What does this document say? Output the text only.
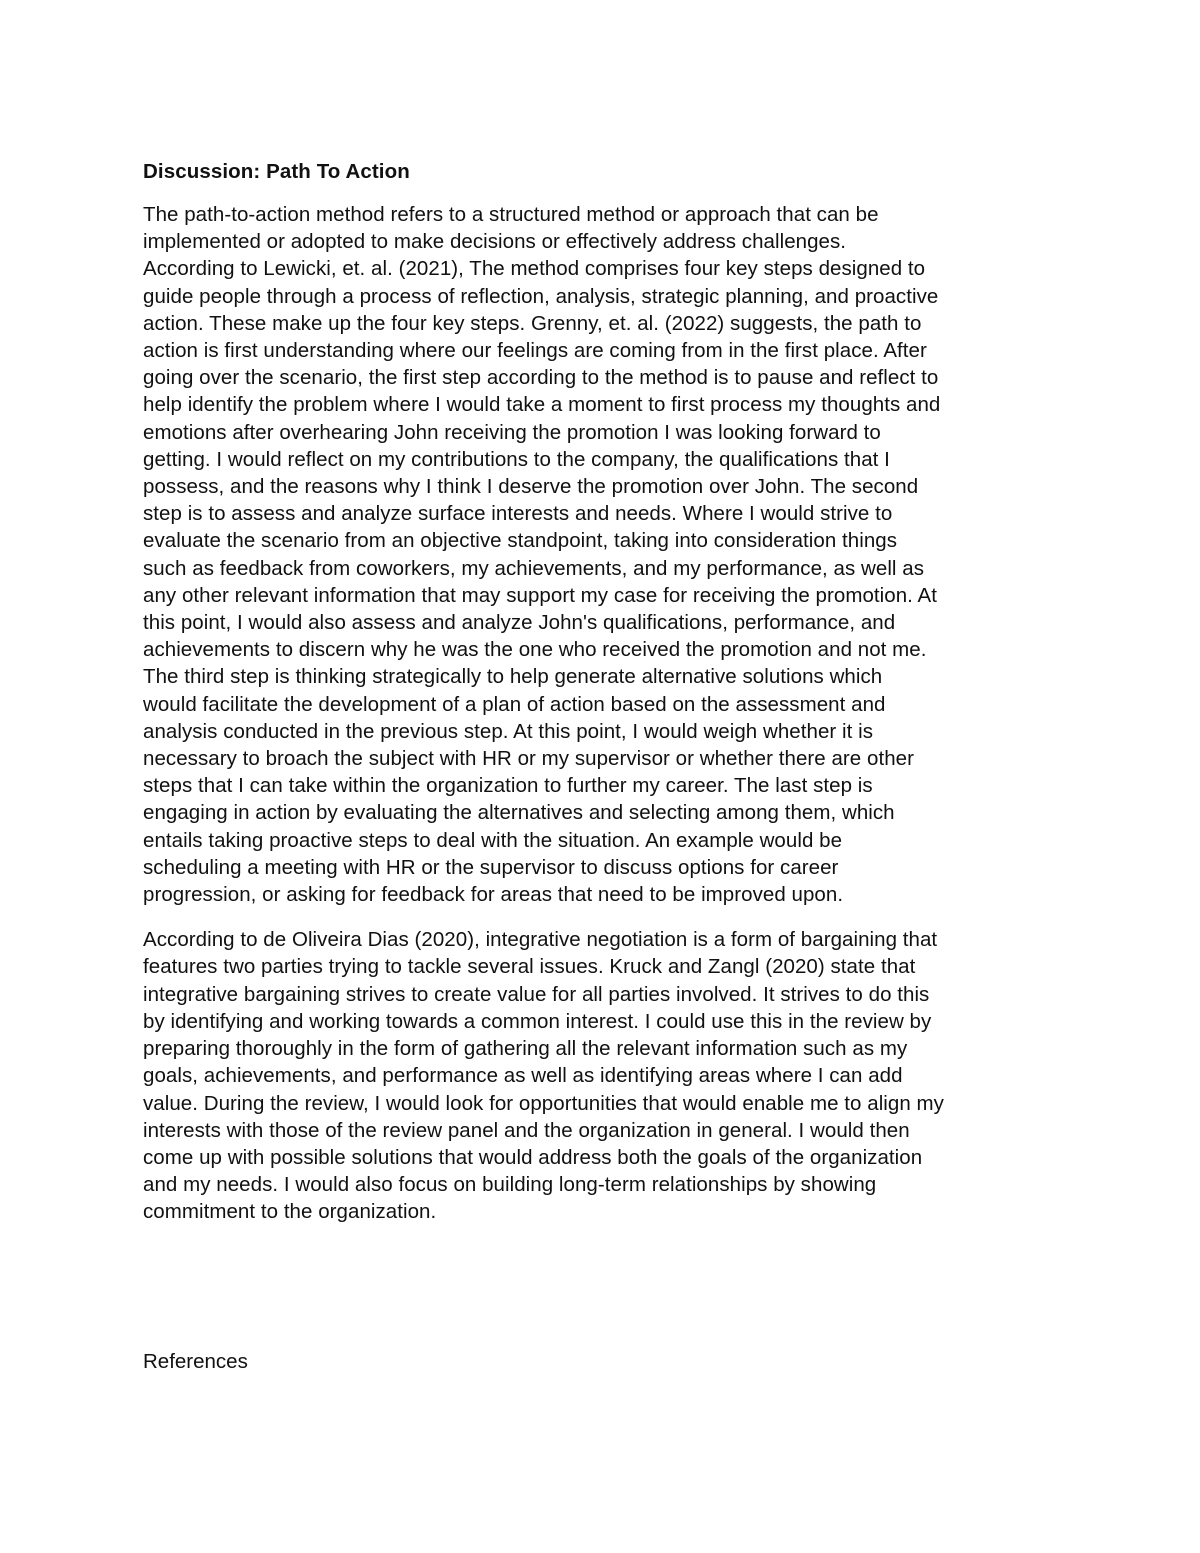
Discussion: Path To Action
The path-to-action method refers to a structured method or approach that can be
implemented or adopted to make decisions or effectively address challenges.
According to Lewicki, et. al. (2021), The method comprises four key steps designed to
guide people through a process of reflection, analysis, strategic planning, and proactive
action. These make up the four key steps. Grenny, et. al. (2022) suggests, the path to
action is first understanding where our feelings are coming from in the first place. After
going over the scenario, the first step according to the method is to pause and reflect to
help identify the problem where I would take a moment to first process my thoughts and
emotions after overhearing John receiving the promotion I was looking forward to
getting. I would reflect on my contributions to the company, the qualifications that I
possess, and the reasons why I think I deserve the promotion over John. The second
step is to assess and analyze surface interests and needs. Where I would strive to
evaluate the scenario from an objective standpoint, taking into consideration things
such as feedback from coworkers, my achievements, and my performance, as well as
any other relevant information that may support my case for receiving the promotion. At
this point, I would also assess and analyze John's qualifications, performance, and
achievements to discern why he was the one who received the promotion and not me.
The third step is thinking strategically to help generate alternative solutions which
would facilitate the development of a plan of action based on the assessment and
analysis conducted in the previous step. At this point, I would weigh whether it is
necessary to broach the subject with HR or my supervisor or whether there are other
steps that I can take within the organization to further my career. The last step is
engaging in action by evaluating the alternatives and selecting among them, which
entails taking proactive steps to deal with the situation. An example would be
scheduling a meeting with HR or the supervisor to discuss options for career
progression, or asking for feedback for areas that need to be improved upon.
According to de Oliveira Dias (2020), integrative negotiation is a form of bargaining that
features two parties trying to tackle several issues. Kruck and Zangl (2020) state that
integrative bargaining strives to create value for all parties involved. It strives to do this
by identifying and working towards a common interest. I could use this in the review by
preparing thoroughly in the form of gathering all the relevant information such as my
goals, achievements, and performance as well as identifying areas where I can add
value. During the review, I would look for opportunities that would enable me to align my
interests with those of the review panel and the organization in general. I would then
come up with possible solutions that would address both the goals of the organization
and my needs. I would also focus on building long-term relationships by showing
commitment to the organization.
References
